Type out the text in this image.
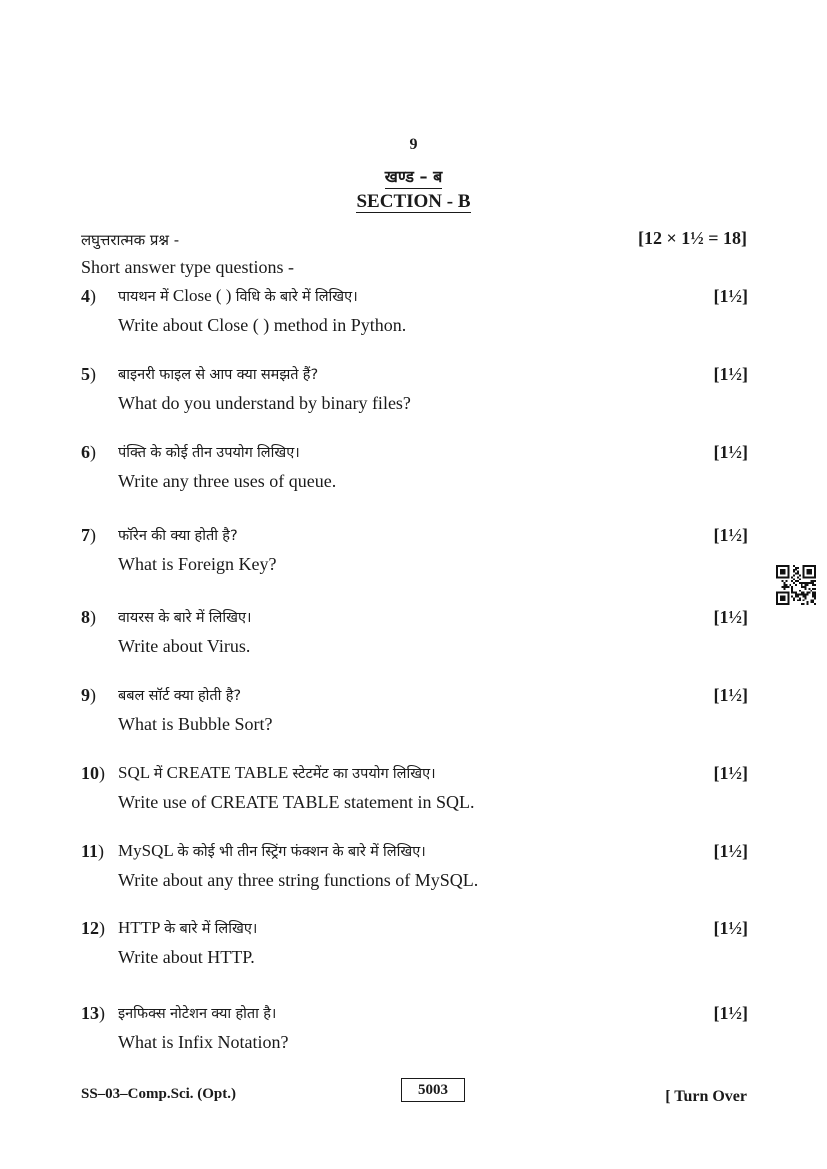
9
खण्ड – ब
SECTION - B
लघुत्तरात्मक प्रश्न -	[12 × 1½ = 18]
Short answer type questions -
4) पायथन में Close ( ) विधि के बारे में लिखिए।	[1½]
Write about Close ( ) method in Python.
5) बाइनरी फाइल से आप क्या समझते हैं?	[1½]
What do you understand by binary files?
6) पंक्ति के कोई तीन उपयोग लिखिए।	[1½]
Write any three uses of queue.
7) फॉरेन की क्या होती है?	[1½]
What is Foreign Key?
8) वायरस के बारे में लिखिए।	[1½]
Write about Virus.
9) बबल सॉर्ट क्या होती है?	[1½]
What is Bubble Sort?
10) SQL में CREATE TABLE स्टेटमेंट का उपयोग लिखिए।	[1½]
Write use of CREATE TABLE statement in SQL.
11) MySQL के कोई भी तीन स्ट्रिंग फंक्शन के बारे में लिखिए।	[1½]
Write about any three string functions of MySQL.
12) HTTP के बारे में लिखिए।	[1½]
Write about HTTP.
13) इनफिक्स नोटेशन क्या होता है।	[1½]
What is Infix Notation?
SS–03–Comp.Sci. (Opt.)	5003	[ Turn Over
